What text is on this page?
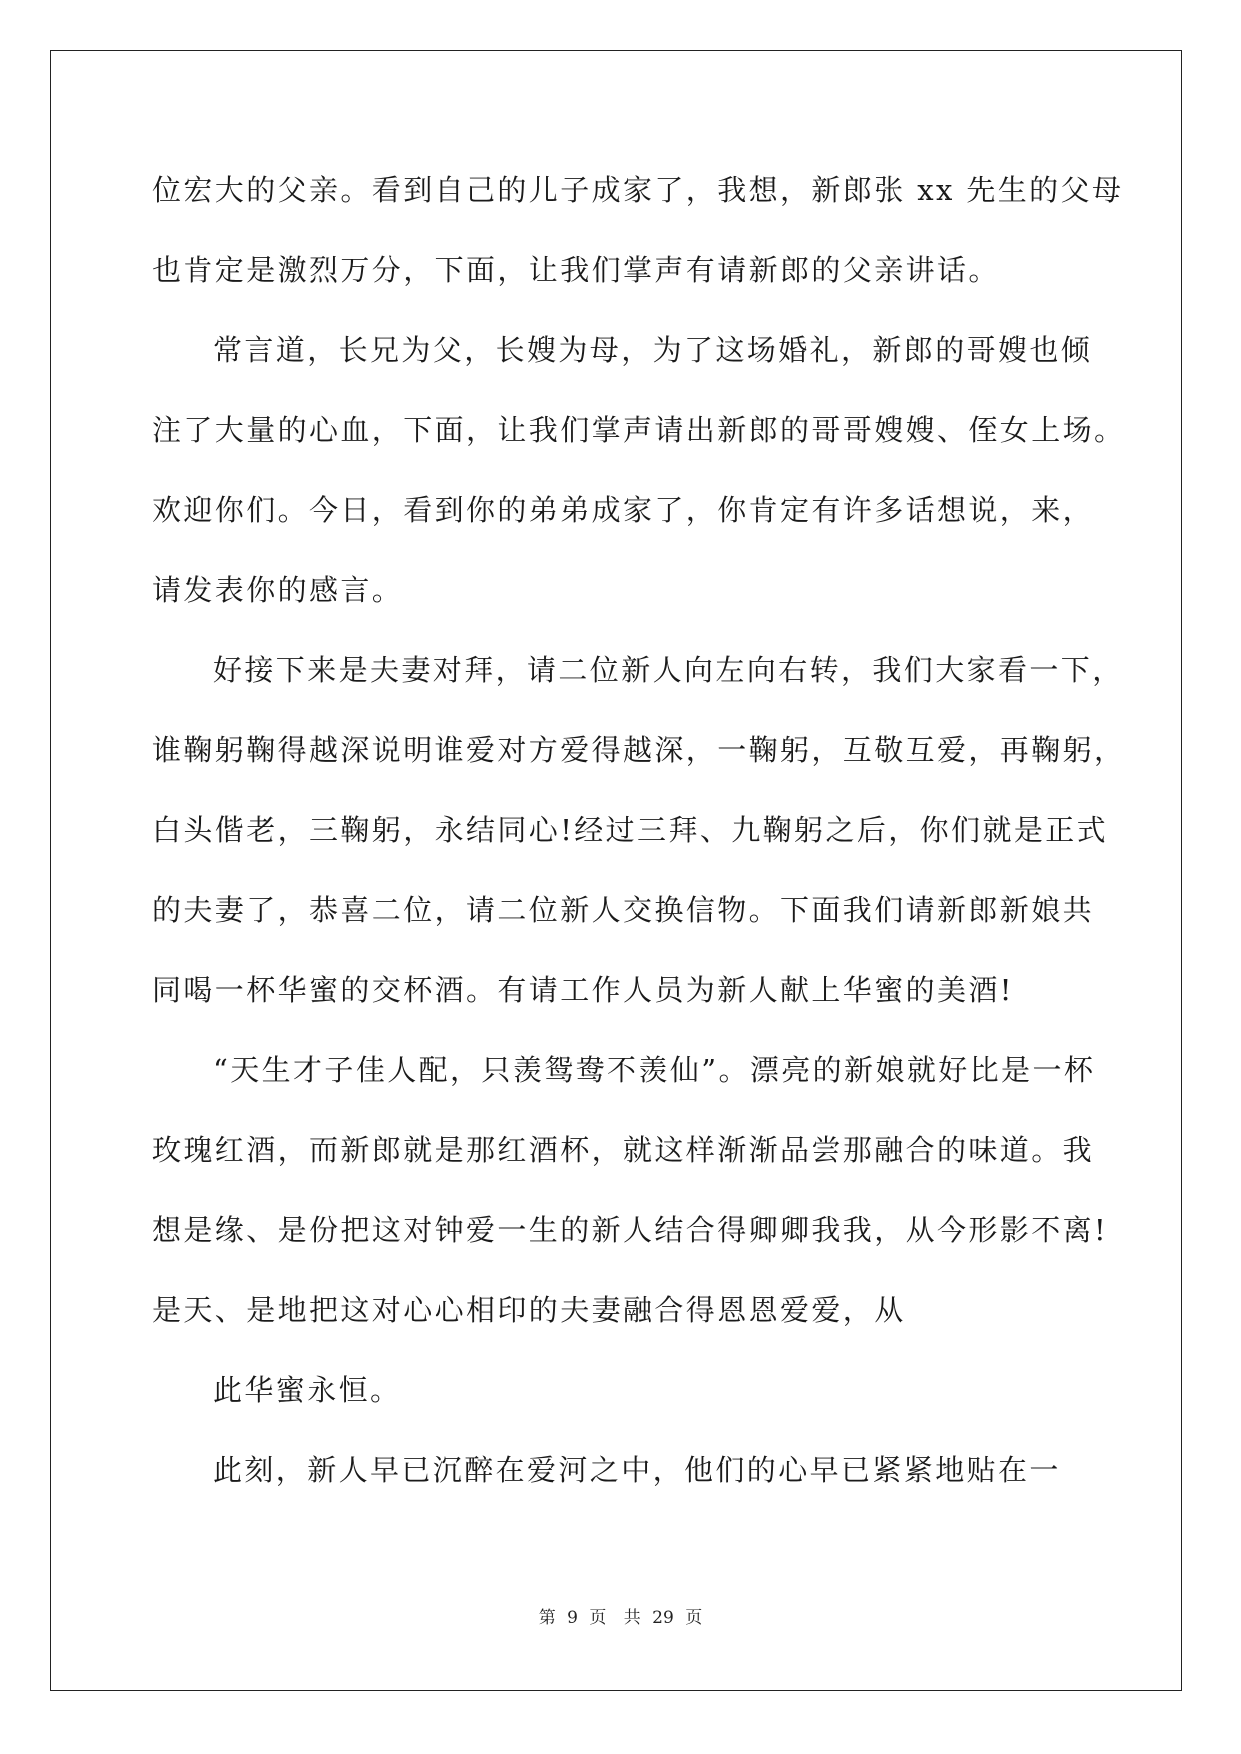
位宏大的父亲。看到自己的儿子成家了，我想，新郎张 xx 先生的父母
也肯定是激烈万分，下面，让我们掌声有请新郎的父亲讲话。
常言道，长兄为父，长嫂为母，为了这场婚礼，新郎的哥嫂也倾
注了大量的心血，下面，让我们掌声请出新郎的哥哥嫂嫂、侄女上场。
欢迎你们。今日，看到你的弟弟成家了，你肯定有许多话想说，来，
请发表你的感言。
好接下来是夫妻对拜，请二位新人向左向右转，我们大家看一下，
谁鞠躬鞠得越深说明谁爱对方爱得越深，一鞠躬，互敬互爱，再鞠躬，
白头偕老，三鞠躬，永结同心!经过三拜、九鞠躬之后，你们就是正式
的夫妻了，恭喜二位，请二位新人交换信物。下面我们请新郎新娘共
同喝一杯华蜜的交杯酒。有请工作人员为新人献上华蜜的美酒!
“天生才子佳人配，只羡鸳鸯不羡仙”。漂亮的新娘就好比是一杯
玫瑰红酒，而新郎就是那红酒杯，就这样渐渐品尝那融合的味道。我
想是缘、是份把这对钟爱一生的新人结合得卿卿我我，从今形影不离!
是天、是地把这对心心相印的夫妻融合得恩恩爱爱，从
此华蜜永恒。
此刻，新人早已沉醉在爱河之中，他们的心早已紧紧地贴在一
第 9 页 共 29 页
